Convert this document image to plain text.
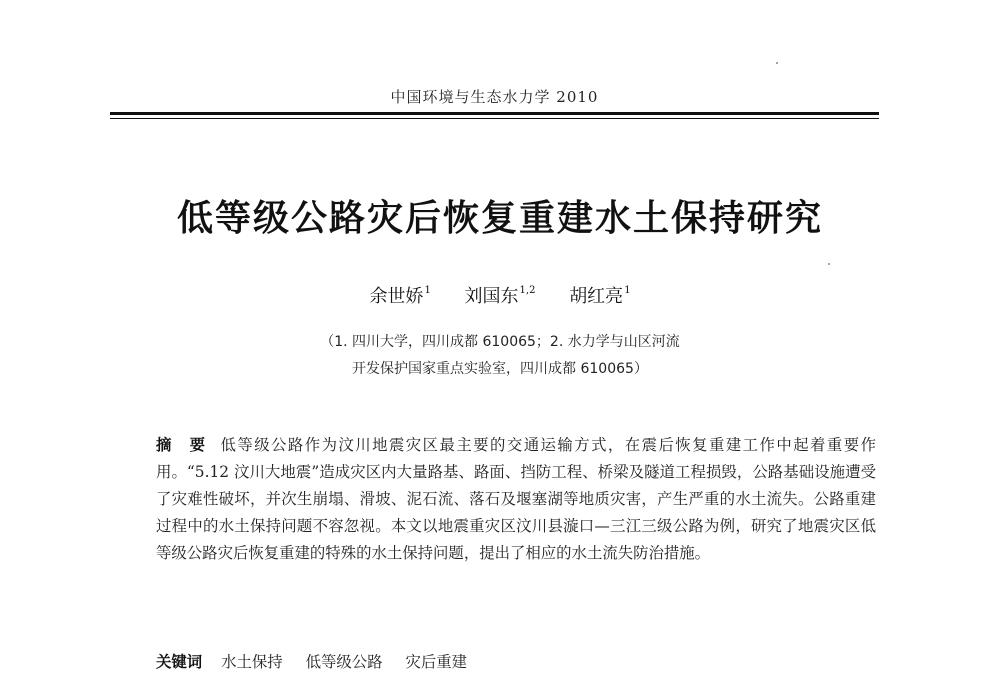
中国环境与生态水力学 2010
低等级公路灾后恢复重建水土保持研究
余世娇$^1$ 刘国东$^{1,2}$ 胡红亮$^1$
（1. 四川大学，四川成都 610065；2. 水力学与山区河流
开发保护国家重点实验室，四川成都 610065）
摘　要 低等级公路作为汶川地震灾区最主要的交通运输方式，在震后恢复重建工作中起着重要作用。“5.12 汶川大地震”造成灾区内大量路基、路面、挡防工程、桥梁及隧道工程损毁，公路基础设施遭受了灾难性破坏，并次生崩塌、滑坡、泥石流、落石及堰塞湖等地质灾害，产生严重的水土流失。公路重建过程中的水土保持问题不容忽视。本文以地震重灾区汶川县漩口—三江三级公路为例，研究了地震灾区低等级公路灾后恢复重建的特殊的水土保持问题，提出了相应的水土流失防治措施。
关键词 水土保持 低等级公路 灾后重建
